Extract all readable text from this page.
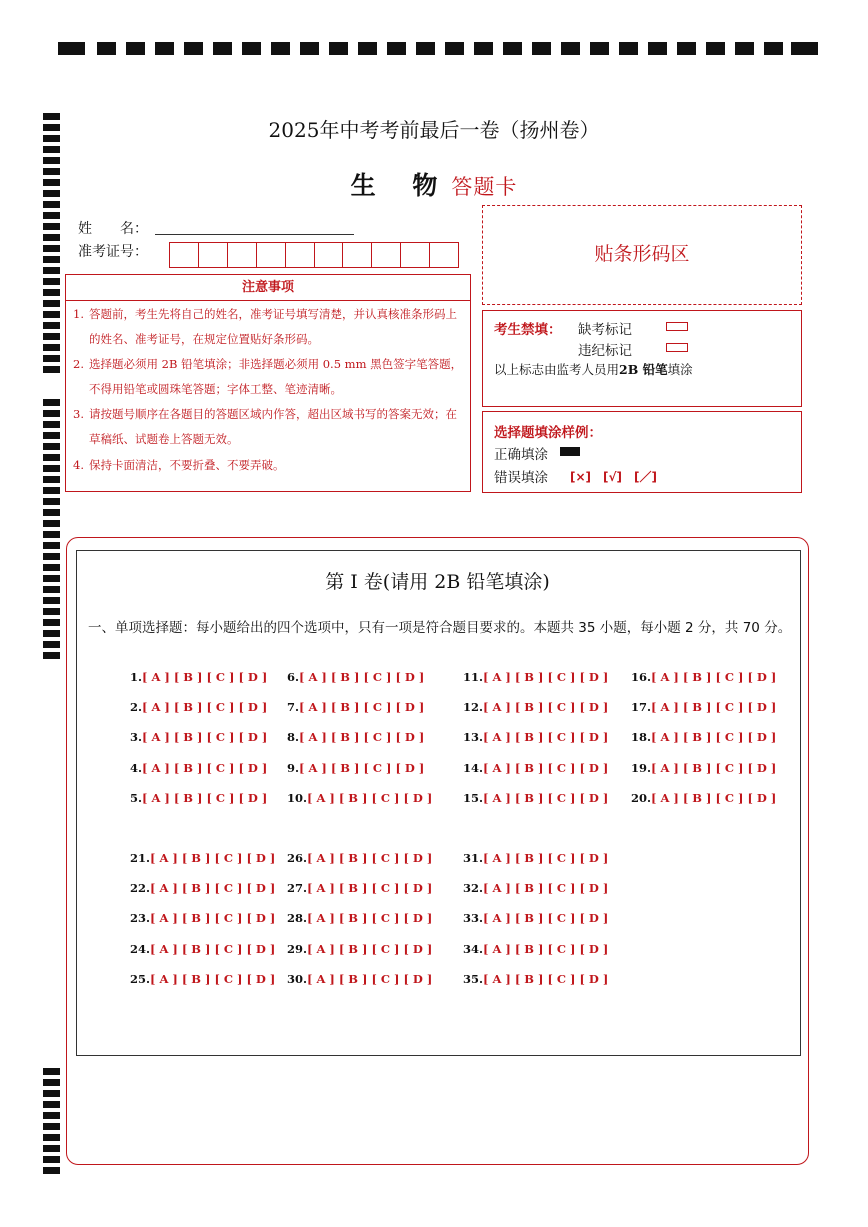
2025年中考考前最后一卷（扬州卷）
生 物答题卡
姓　　名：
准考证号：	贴条形码区
注意事项
1. 答题前，考生先将自己的姓名，准考证号填写清楚，并认真核准条形码上的姓名、准考证号，在规定位置贴好条形码。
2. 选择题必须用 2B 铅笔填涂；非选择题必须用 0.5 mm 黑色签字笔答题，不得用铅笔或圆珠笔答题；字体工整、笔迹清晰。
3. 请按题号顺序在各题目的答题区域内作答，超出区域书写的答案无效；在草稿纸、试题卷上答题无效。
4. 保持卡面清洁，不要折叠、不要弄破。
考生禁填： 缺考标记
违纪标记
以上标志由监考人员用2B 铅笔填涂
选择题填涂样例：
正确填涂
错误填涂 [×]　[√]　[／]
第 I 卷(请用 2B 铅笔填涂)
一、单项选择题：每小题给出的四个选项中，只有一项是符合题目要求的。本题共 35 小题，每小题 2 分，共 70 分。
1.[ A ] [ B ] [ C ] [ D ]
2.[ A ] [ B ] [ C ] [ D ]
3.[ A ] [ B ] [ C ] [ D ]
4.[ A ] [ B ] [ C ] [ D ]
5.[ A ] [ B ] [ C ] [ D ]
6.[ A ] [ B ] [ C ] [ D ]
7.[ A ] [ B ] [ C ] [ D ]
8.[ A ] [ B ] [ C ] [ D ]
9.[ A ] [ B ] [ C ] [ D ]
10.[ A ] [ B ] [ C ] [ D ]
11.[ A ] [ B ] [ C ] [ D ]
12.[ A ] [ B ] [ C ] [ D ]
13.[ A ] [ B ] [ C ] [ D ]
14.[ A ] [ B ] [ C ] [ D ]
15.[ A ] [ B ] [ C ] [ D ]
16.[ A ] [ B ] [ C ] [ D ]
17.[ A ] [ B ] [ C ] [ D ]
18.[ A ] [ B ] [ C ] [ D ]
19.[ A ] [ B ] [ C ] [ D ]
20.[ A ] [ B ] [ C ] [ D ]
21.[ A ] [ B ] [ C ] [ D ]
22.[ A ] [ B ] [ C ] [ D ]
23.[ A ] [ B ] [ C ] [ D ]
24.[ A ] [ B ] [ C ] [ D ]
25.[ A ] [ B ] [ C ] [ D ]
26.[ A ] [ B ] [ C ] [ D ]
27.[ A ] [ B ] [ C ] [ D ]
28.[ A ] [ B ] [ C ] [ D ]
29.[ A ] [ B ] [ C ] [ D ]
30.[ A ] [ B ] [ C ] [ D ]
31.[ A ] [ B ] [ C ] [ D ]
32.[ A ] [ B ] [ C ] [ D ]
33.[ A ] [ B ] [ C ] [ D ]
34.[ A ] [ B ] [ C ] [ D ]
35.[ A ] [ B ] [ C ] [ D ]
